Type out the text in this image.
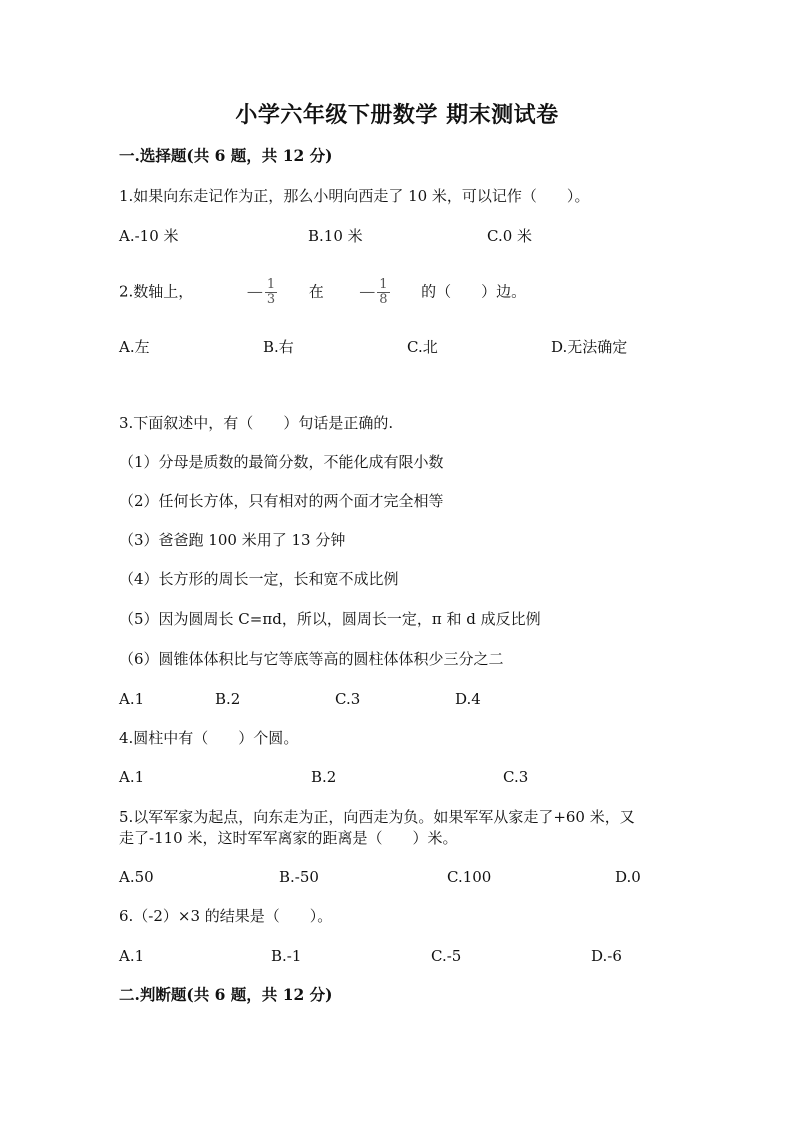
小学六年级下册数学 期末测试卷
一.选择题(共 6 题，共 12 分)
1.如果向东走记作为正，那么小明向西走了 10 米，可以记作（　　）。
A.-10 米	B.10 米	C.0 米
2.数轴上，	— $\frac{1}{3}$ 在 — $\frac{1}{8}$ 的（　　）边。
A.左	B.右	C.北	D.无法确定
3.下面叙述中，有（　　）句话是正确的.
（1）分母是质数的最简分数，不能化成有限小数
（2）任何长方体，只有相对的两个面才完全相等
（3）爸爸跑 100 米用了 13 分钟
（4）长方形的周长一定，长和宽不成比例
（5）因为圆周长 C=πd，所以，圆周长一定，π 和 d 成反比例
（6）圆锥体体积比与它等底等高的圆柱体体积少三分之二
A.1	B.2	C.3	D.4
4.圆柱中有（　　）个圆。
A.1	B.2	C.3
5.以军军家为起点，向东走为正，向西走为负。如果军军从家走了+60 米，又
走了-110 米，这时军军离家的距离是（　　）米。
A.50	B.-50	C.100	D.0
6.（-2）×3 的结果是（　　）。
A.1	B.-1	C.-5	D.-6
二.判断题(共 6 题，共 12 分)
